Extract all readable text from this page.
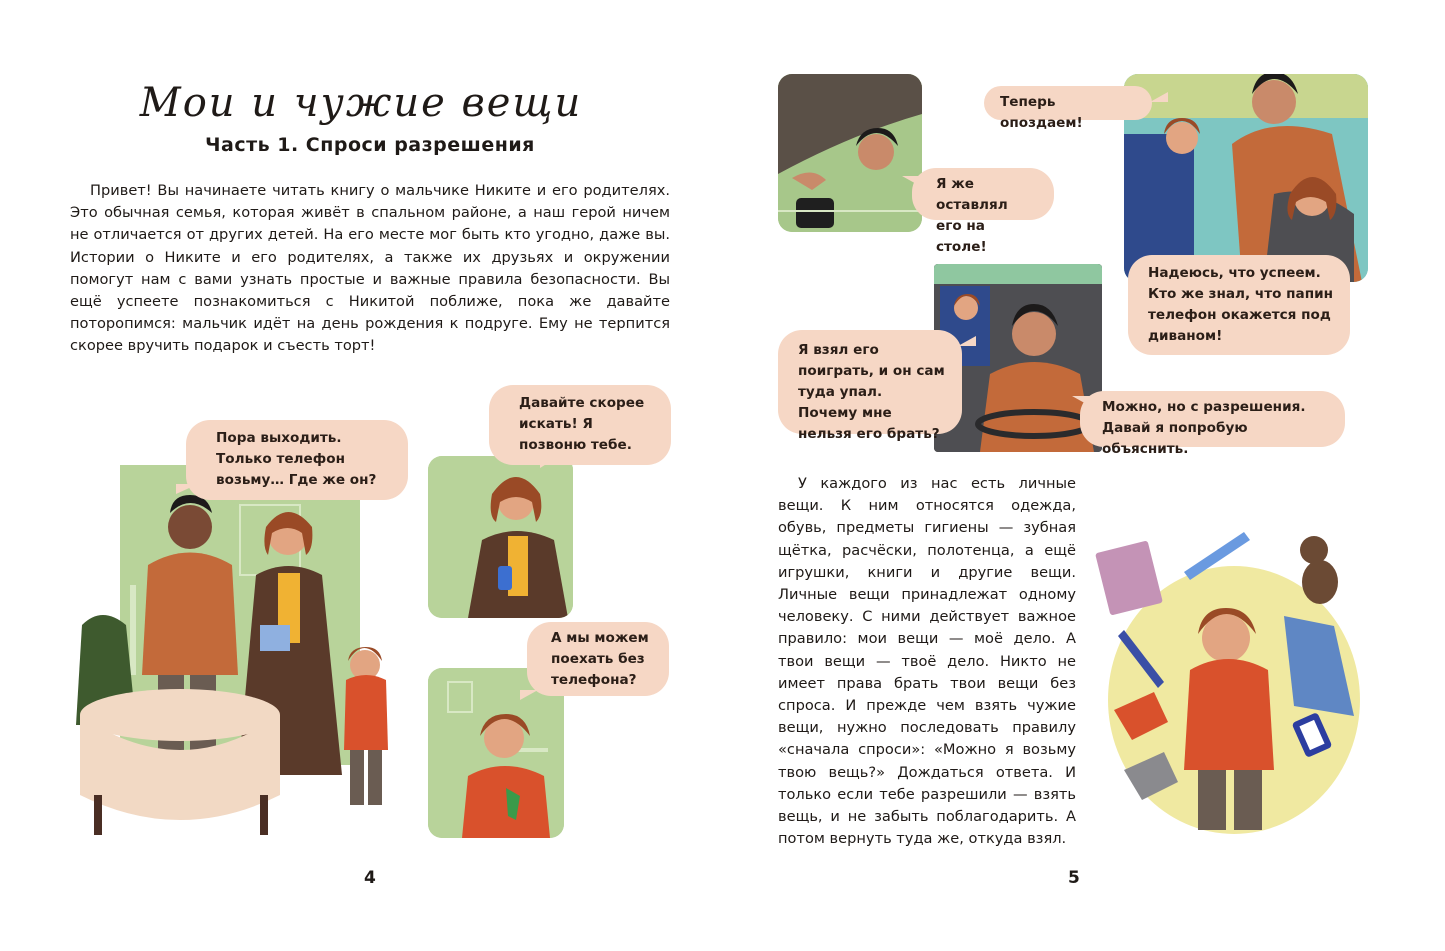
Мои и чужие вещи
Часть 1. Спроси разрешения

Привет! Вы начинаете читать книгу о мальчике Никите и его родителях. Это обычная семья, которая живёт в спальном районе, а наш герой ничем не отличается от других детей. На его месте мог быть кто угодно, даже вы. Истории о Никите и его родителях, а также их друзьях и окружении помогут нам с вами узнать простые и важные правила безопасности. Вы ещё успеете познакомиться с Никитой поближе, пока же давайте поторопимся: мальчик идёт на день рождения к подруге. Ему не терпится скорее вручить подарок и съесть торт!

Пора выходить. Только телефон возьму… Где же он?

Давайте скорее искать! Я позвоню тебе.

А мы можем поехать без телефона?

4

Я же оставлял его на столе!

Теперь опоздаем!

Надеюсь, что успеем. Кто же знал, что папин телефон окажется под диваном!

Я взял его поиграть, и он сам туда упал. Почему мне нельзя его брать?

Можно, но с разрешения. Давай я попробую объяснить.

У каждого из нас есть личные вещи. К ним относятся одежда, обувь, предметы гигиены — зубная щётка, расчёски, полотенца, а ещё игрушки, книги и другие вещи. Личные вещи принадлежат одному человеку. С ними действует важное правило: мои вещи — моё дело. А твои вещи — твоё дело. Никто не имеет права брать твои вещи без спроса. И прежде чем взять чужие вещи, нужно последовать правилу «сначала спроси»: «Можно я возьму твою вещь?» Дождаться ответа. И только если тебе разрешили — взять вещь, и не забыть поблагодарить. А потом вернуть туда же, откуда взял.

5
